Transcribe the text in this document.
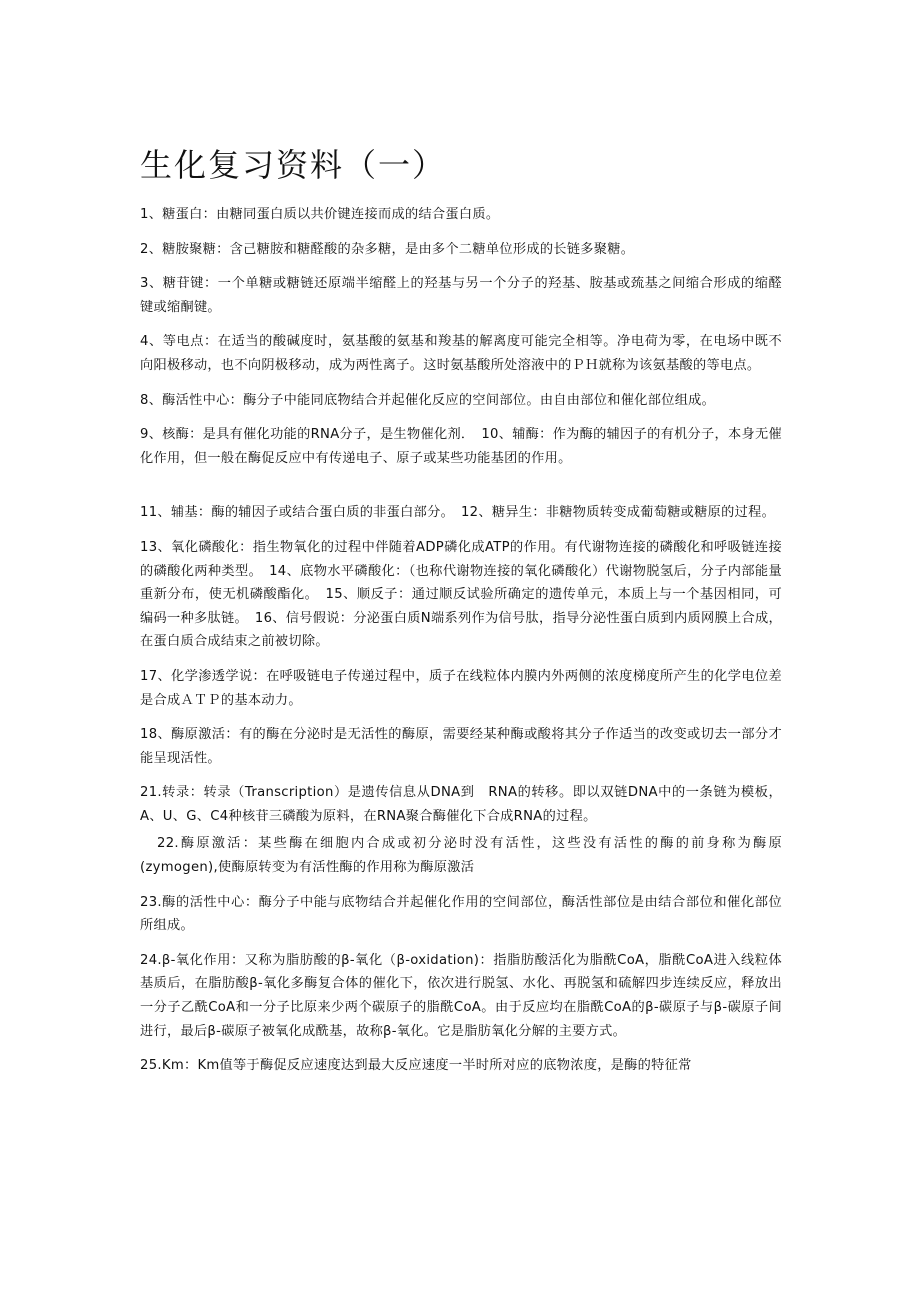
生化复习资料（一）

1、糖蛋白：由糖同蛋白质以共价键连接而成的结合蛋白质。

2、糖胺聚糖：含己糖胺和糖醛酸的杂多糖，是由多个二糖单位形成的长链多聚糖。

3、糖苷键：一个单糖或糖链还原端半缩醛上的羟基与另一个分子的羟基、胺基或巯基之间缩合形成的缩醛键或缩酮键。

4、等电点：在适当的酸碱度时，氨基酸的氨基和羧基的解离度可能完全相等。净电荷为零，在电场中既不向阳极移动，也不向阴极移动，成为两性离子。这时氨基酸所处溶液中的ＰＨ就称为该氨基酸的等电点。

8、酶活性中心：酶分子中能同底物结合并起催化反应的空间部位。由自由部位和催化部位组成。

9、核酶：是具有催化功能的RNA分子，是生物催化剂．　10、辅酶：作为酶的辅因子的有机分子，本身无催化作用，但一般在酶促反应中有传递电子、原子或某些功能基团的作用。

11、辅基：酶的辅因子或结合蛋白质的非蛋白部分。　12、糖异生：非糖物质转变成葡萄糖或糖原的过程。

13、氧化磷酸化：指生物氧化的过程中伴随着ADP磷化成ATP的作用。有代谢物连接的磷酸化和呼吸链连接的磷酸化两种类型。　14、底物水平磷酸化：（也称代谢物连接的氧化磷酸化）代谢物脱氢后，分子内部能量重新分布，使无机磷酸酯化。　15、顺反子：通过顺反试验所确定的遗传单元，本质上与一个基因相同，可编码一种多肽链。　16、信号假说：分泌蛋白质N端系列作为信号肽，指导分泌性蛋白质到内质网膜上合成，在蛋白质合成结束之前被切除。

17、化学渗透学说：在呼吸链电子传递过程中，质子在线粒体内膜内外两侧的浓度梯度所产生的化学电位差是合成ＡＴＰ的基本动力。

18、酶原激活：有的酶在分泌时是无活性的酶原，需要经某种酶或酸将其分子作适当的改变或切去一部分才能呈现活性。

21.转录：转录（Transcription）是遗传信息从DNA到　RNA的转移。即以双链DNA中的一条链为模板，A、U、G、C4种核苷三磷酸为原料，在RNA聚合酶催化下合成RNA的过程。

22.酶原激活：某些酶在细胞内合成或初分泌时没有活性，这些没有活性的酶的前身称为酶原(zymogen),使酶原转变为有活性酶的作用称为酶原激活

23.酶的活性中心：酶分子中能与底物结合并起催化作用的空间部位，酶活性部位是由结合部位和催化部位所组成。

24.β-氧化作用：又称为脂肪酸的β-氧化（β-oxidation)：指脂肪酸活化为脂酰CoA，脂酰CoA进入线粒体基质后，在脂肪酸β-氧化多酶复合体的催化下，依次进行脱氢、水化、再脱氢和硫解四步连续反应，释放出一分子乙酰CoA和一分子比原来少两个碳原子的脂酰CoA。由于反应均在脂酰CoA的β-碳原子与β-碳原子间进行，最后β-碳原子被氧化成酰基，故称β-氧化。它是脂肪氧化分解的主要方式。

25.Km：Km值等于酶促反应速度达到最大反应速度一半时所对应的底物浓度，是酶的特征常
